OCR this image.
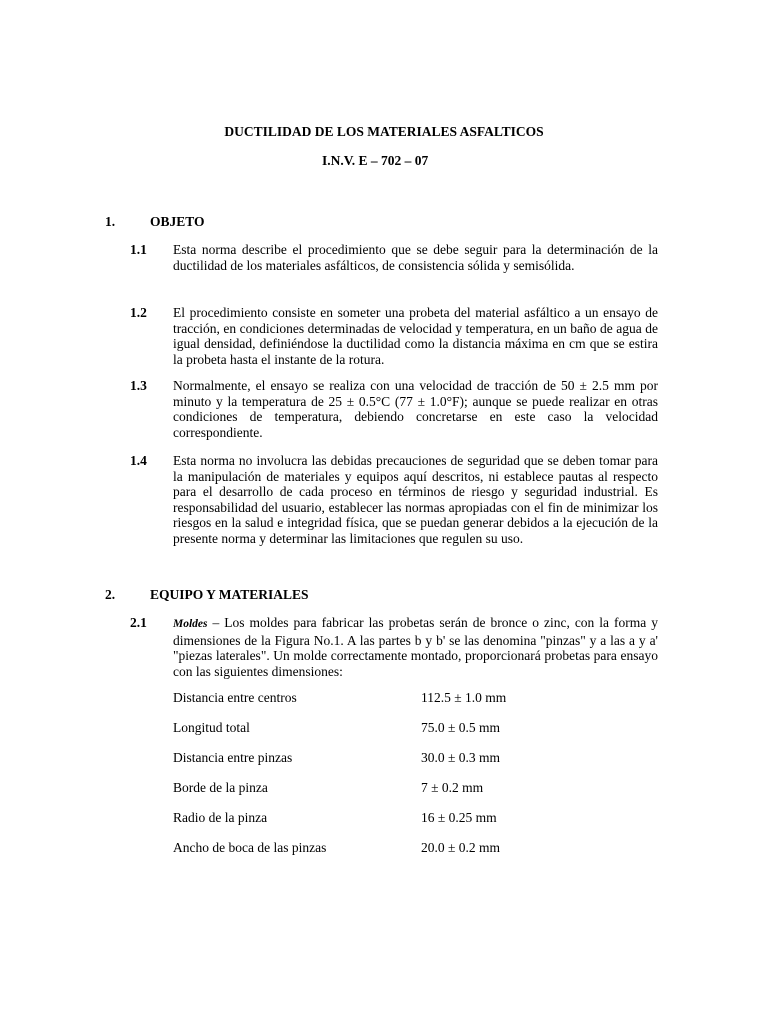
DUCTILIDAD DE LOS MATERIALES ASFALTICOS
I.N.V. E – 702 – 07
1.	OBJETO
1.1 Esta norma describe el procedimiento que se debe seguir para la determinación de la ductilidad de los materiales asfálticos, de consistencia sólida y semisólida.
1.2 El procedimiento consiste en someter una probeta del material asfáltico a un ensayo de tracción, en condiciones determinadas de velocidad y temperatura, en un baño de agua de igual densidad, definiéndose la ductilidad como la distancia máxima en cm que se estira la probeta hasta el instante de la rotura.
1.3 Normalmente, el ensayo se realiza con una velocidad de tracción de 50 ± 2.5 mm por minuto y la temperatura de 25 ± 0.5°C (77 ± 1.0°F); aunque se puede realizar en otras condiciones de temperatura, debiendo concretarse en este caso la velocidad correspondiente.
1.4 Esta norma no involucra las debidas precauciones de seguridad que se deben tomar para la manipulación de materiales y equipos aquí descritos, ni establece pautas al respecto para el desarrollo de cada proceso en términos de riesgo y seguridad industrial. Es responsabilidad del usuario, establecer las normas apropiadas con el fin de minimizar los riesgos en la salud e integridad física, que se puedan generar debidos a la ejecución de la presente norma y determinar las limitaciones que regulen su uso.
2.	EQUIPO Y MATERIALES
2.1 Moldes – Los moldes para fabricar las probetas serán de bronce o zinc, con la forma y dimensiones de la Figura No.1. A las partes b y b' se las denomina "pinzas" y a las a y a' "piezas laterales". Un molde correctamente montado, proporcionará probetas para ensayo con las siguientes dimensiones:
Distancia entre centros	112.5 ± 1.0 mm
Longitud total	75.0 ± 0.5 mm
Distancia entre pinzas	30.0 ± 0.3 mm
Borde de la pinza	7 ± 0.2 mm
Radio de la pinza	16 ± 0.25 mm
Ancho de boca de las pinzas	20.0 ± 0.2 mm
